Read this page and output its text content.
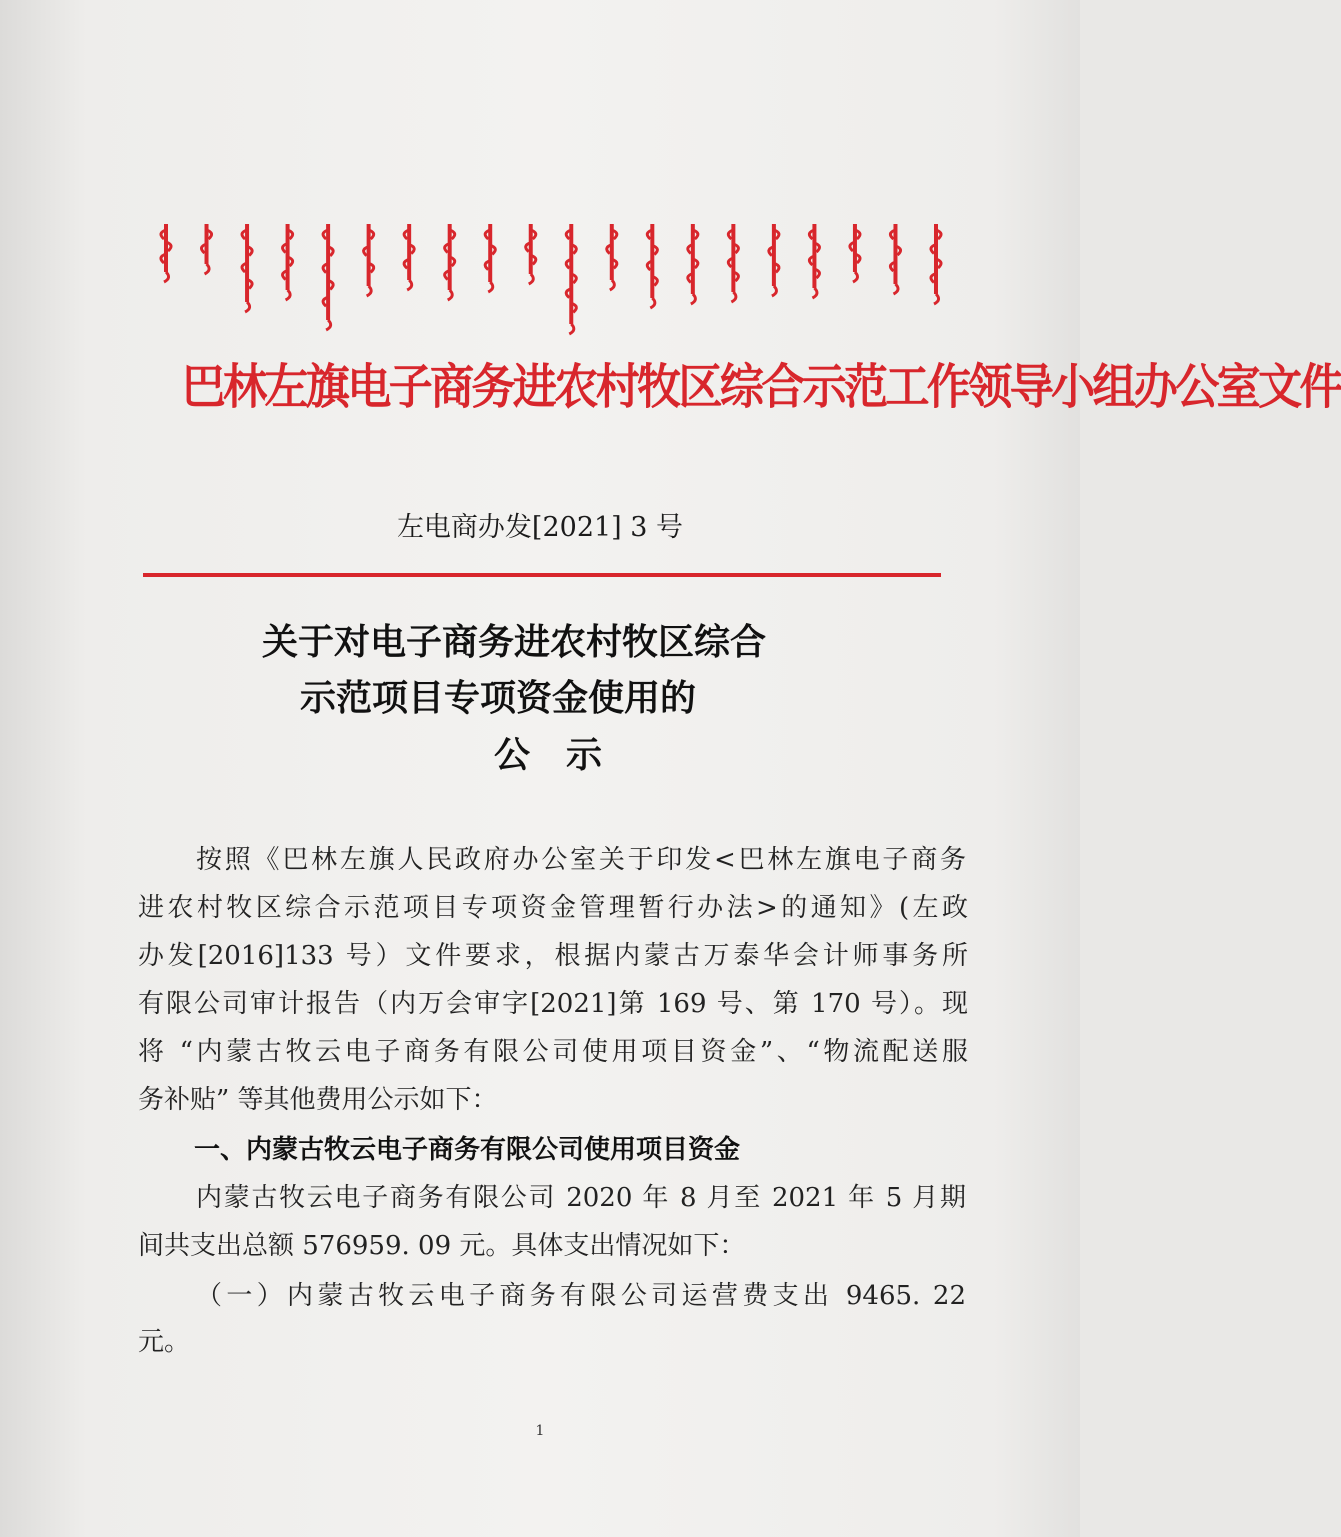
巴林左旗电子商务进农村牧区综合示范工作领导小组办公室文件
左电商办发[2021] 3 号
关于对电子商务进农村牧区综合
示范项目专项资金使用的
公　示
按照《巴林左旗人民政府办公室关于印发<巴林左旗电子商务
进农村牧区综合示范项目专项资金管理暂行办法>的通知》(左政
办发[2016]133 号）文件要求，根据内蒙古万泰华会计师事务所
有限公司审计报告（内万会审字[2021]第 169 号、第 170 号）。现
将 “内蒙古牧云电子商务有限公司使用项目资金”、“物流配送服
务补贴” 等其他费用公示如下：
一、内蒙古牧云电子商务有限公司使用项目资金
内蒙古牧云电子商务有限公司 2020 年 8 月至 2021 年 5 月期
间共支出总额 576959. 09 元。具体支出情况如下：
（一）内蒙古牧云电子商务有限公司运营费支出 9465. 22
元。
1
